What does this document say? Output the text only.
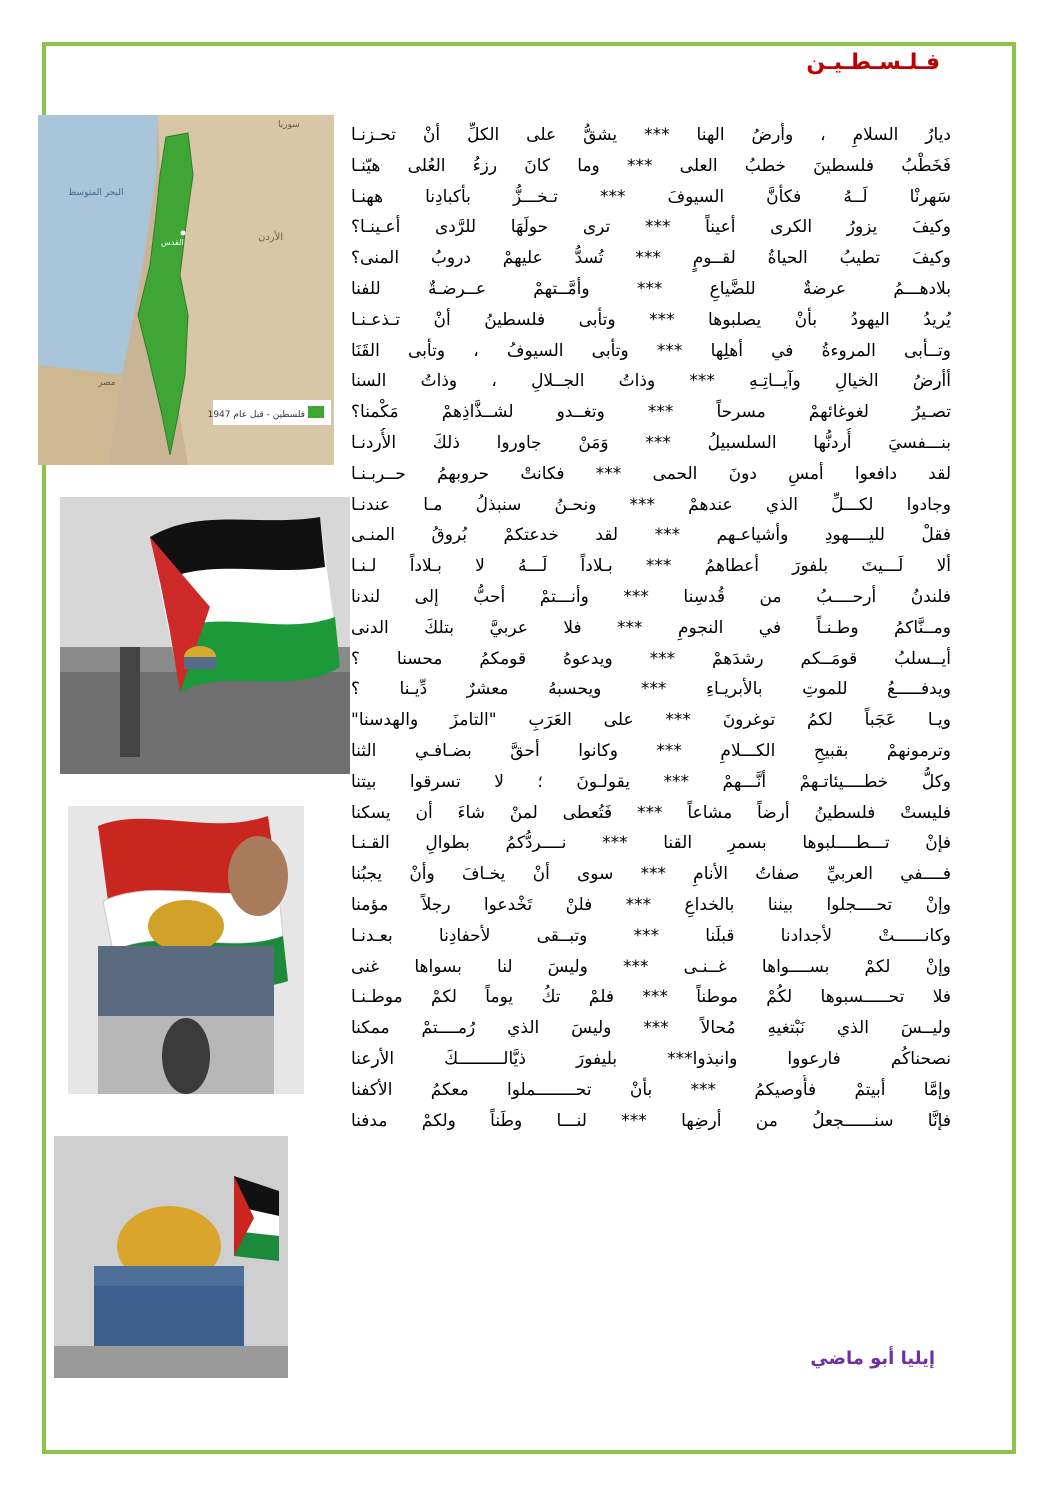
فـلـسـطـيـن
فلسطين - قبل عام 1947
البحر المتوسط
الأردن
سوريا
مصر
القدس
ديارُ السلامِ ، وأرضُ الهنا *** يشقُّ على الكلِّ أنْ تحـزنـا
فَخَطْبُ فلسطينَ خطبُ العلى *** وما كانَ رزءُ العُلى هيّنـا
سَهرنْا لَــهُ فكأنَّ السيوفَ *** تـخـــزُّ بأكبادِنا ههنـا
وكيفَ يزورُ الكرى أعيناً *** ترى حولَهَا للرَّدى أعـينـا؟
وكيفَ تطيبُ الحياةُ لقــومٍ *** تُسدُّ عليهمْ دروبُ المنى؟
بلادهـــمُ عرضةٌ للضَّياعِ *** وأمَّــتهمْ عــرضـةٌ للفنا
يُريدُ اليهودُ بأنْ يصلبوها *** وتأبى فلسطينُ أنْ تـذعـنـا
وتــأبى المروءةُ في أهلِها *** وتأبى السيوفُ ، وتأبى القَنَا
أأرضُ الخيالِ وآيــاتِـهِ *** وذاتُ الجــلالِ ، وذاتُ السنا
تصـيرُ لغوغائهمْ مسرحاً *** وتغــدو لشــذَّاذِهمْ مَكْمنا؟
بنـــفسيَ أُردنُّها السلسبيلُ *** وَمَنْ جاوروا ذلكَ الأُردنـا
لقد دافعوا أمسِ دونَ الحمى *** فكانتْ حروبهمُ حــربـنـا
وجادوا لكـــلِّ الذي عندهمْ *** ونحـنُ سنبذلُ مـا عندنـا
فقلْ لليــــهودِ وأشياعـهم *** لقد خدعتكمْ بُروقُ المنـى
ألا لَـــيتَ بلفورَ أعطاهمُ *** بـلاداً لَـــهُ لا بـلاداً لـنـا
فلندنُ أرحــــبُ من قُدسِنا *** وأنـــتمْ أحبُّ إلى لندنا
ومــنَّاكمُ وطـنـاً في النجومِ *** فلا عربيَّ بتلكَ الدنى
أيــسلبُ قومَــكم رشدَهمْ *** ويدعوهُ قومكمُ محسنا ؟
ويدفـــــعُ للموتِ بالأبريـاءِ *** ويحسبهُ معشرٌ دِّيـنا ؟
ويـا عَجَباً لكمُ توغرونَ *** على العَرَبِ "التامزَ والهدسنا"
وترمونهمْ بقبيحِ الكـــلامِ *** وكانوا أحقَّ بضـافـي الثنا
وكلُّ خطــــيئاتـهمْ أنَّـــهمْ *** يقولـونَ ؛ لا تسرقوا بيتنا
فليستْ فلسطينُ أرضاً مشاعاً *** فَتُعطى لمنْ شاءَ أن يسكنا
فإنْ تـــطــــلبوها بسمرِ القنا *** نــــردُّكمُ بطوالِ القـنـا
فــــفي العربيِّ صفاتُ الأنامِ *** سوى أنْ يخـافَ وأنْ يجبُنا
وإنْ تحــــجلوا بيننا بالخداعِ *** فلنْ تَخْدعوا رجلاً مؤمنا
وكانــــــتْ لأجدادنا قبلَنا *** وتبــقى لأحفادِنا بعـدنـا
وإنْ لكمْ بســــواها غــنـى *** وليسَ لنا بسواها غنى
فلا تحـــــسبوها لكُمْ موطناً *** فلمْ تكُ يوماً لكمْ موطـنـا
وليــسَ الذي نَبْتغيهِ مُحالاً *** وليسَ الذي رُمــــتمْ ممكنا
نصحناكُم فارعووا وانبذوا*** بليفورَ ذيَّالـــــــــكَ الأرعنا
وإمَّا أبيتمْ فأُوصيكمُ *** بأنْ تحــــــــملوا معكمُ الأكفنا
فإنَّا سنــــــجعلُ من أرضِها *** لنـــا وطَناً ولكمْ مدفنا
إيليا أبو ماضي
